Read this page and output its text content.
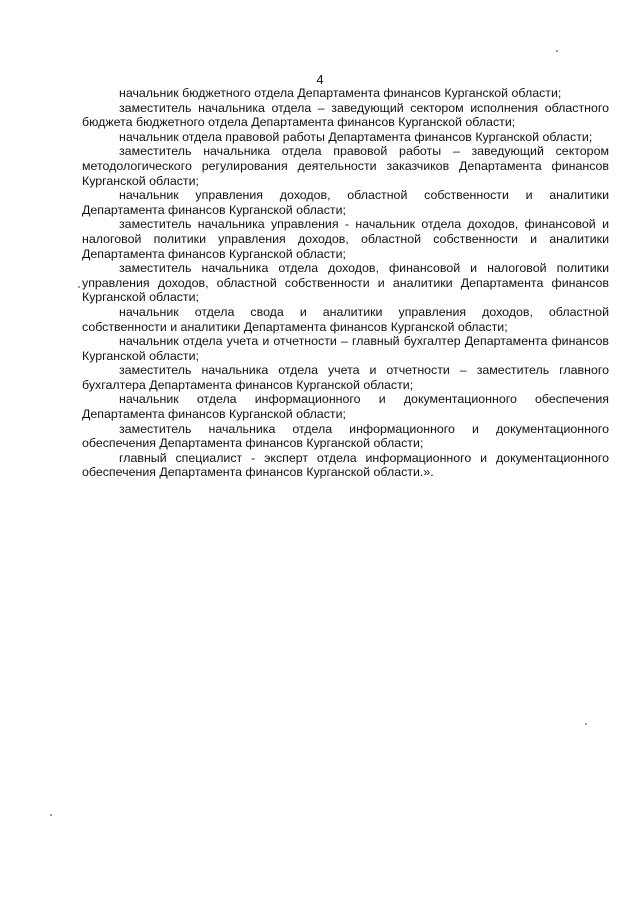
4

начальник бюджетного отдела Департамента финансов Курганской области;

заместитель начальника отдела – заведующий сектором исполнения областного бюджета бюджетного отдела Департамента финансов Курганской области;

начальник отдела правовой работы Департамента финансов Курганской области;

заместитель начальника отдела правовой работы – заведующий сектором методологического регулирования деятельности заказчиков Департамента финансов Курганской области;

начальник управления доходов, областной собственности и аналитики Департамента финансов Курганской области;

заместитель начальника управления - начальник отдела доходов, финансовой и налоговой политики управления доходов, областной собственности и аналитики Департамента финансов Курганской области;

заместитель начальника отдела доходов, финансовой и налоговой политики управления доходов, областной собственности и аналитики Департамента финансов Курганской области;

начальник отдела свода и аналитики управления доходов, областной собственности и аналитики Департамента финансов Курганской области;

начальник отдела учета и отчетности – главный бухгалтер Департамента финансов Курганской области;

заместитель начальника отдела учета и отчетности – заместитель главного бухгалтера Департамента финансов Курганской области;

начальник отдела информационного и документационного обеспечения Департамента финансов Курганской области;

заместитель начальника отдела информационного и документационного обеспечения Департамента финансов Курганской области;

главный специалист - эксперт отдела информационного и документационного обеспечения Департамента финансов Курганской области.».
